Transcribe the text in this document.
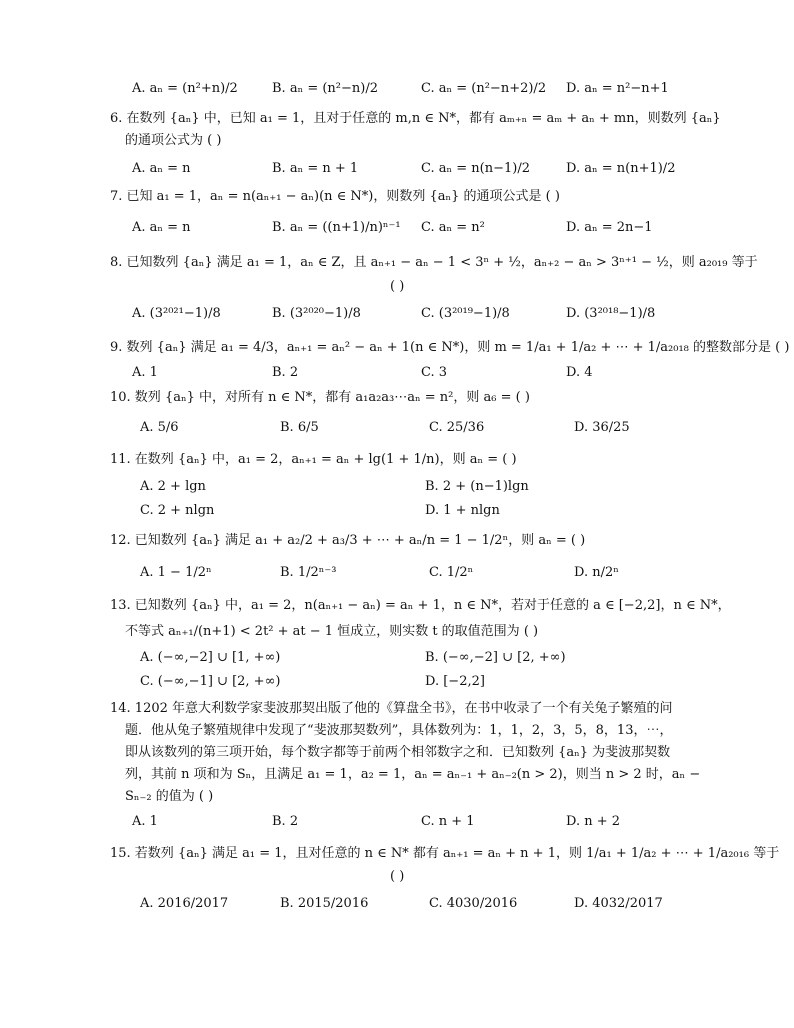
A. aₙ = (n²+n)/2	B. aₙ = (n²−n)/2	C. aₙ = (n²−n+2)/2 D. aₙ = n²−n+1
6. 在数列 {aₙ} 中，已知 a₁ = 1，且对于任意的 m,n ∈ N*，都有 aₘ₊ₙ = aₘ + aₙ + mn，则数列 {aₙ}
的通项公式为 ( )
A. aₙ = n	B. aₙ = n + 1	C. aₙ = n(n−1)/2	D. aₙ = n(n+1)/2
7. 已知 a₁ = 1，aₙ = n(aₙ₊₁ − aₙ)(n ∈ N*)，则数列 {aₙ} 的通项公式是 ( )
A. aₙ = n	B. aₙ = ((n+1)/n)ⁿ⁻¹ C. aₙ = n²	D. aₙ = 2n−1
8. 已知数列 {aₙ} 满足 a₁ = 1，aₙ ∈ Z，且 aₙ₊₁ − aₙ − 1 < 3ⁿ + ½，aₙ₊₂ − aₙ > 3ⁿ⁺¹ − ½，则 a₂₀₁₉ 等于
( )
A. (3²⁰²¹−1)/8	B. (3²⁰²⁰−1)/8	C. (3²⁰¹⁹−1)/8	D. (3²⁰¹⁸−1)/8
9. 数列 {aₙ} 满足 a₁ = 4/3，aₙ₊₁ = aₙ² − aₙ + 1(n ∈ N*)，则 m = 1/a₁ + 1/a₂ + ⋯ + 1/a₂₀₁₈ 的整数部分是 ( )
A. 1	B. 2	C. 3	D. 4
10. 数列 {aₙ} 中，对所有 n ∈ N*，都有 a₁a₂a₃⋯aₙ = n²，则 a₆ = ( )
A. 5/6	B. 6/5	C. 25/36	D. 36/25
11. 在数列 {aₙ} 中，a₁ = 2，aₙ₊₁ = aₙ + lg(1 + 1/n)，则 aₙ = ( )
A. 2 + lgn	B. 2 + (n−1)lgn
C. 2 + nlgn	D. 1 + nlgn
12. 已知数列 {aₙ} 满足 a₁ + a₂/2 + a₃/3 + ⋯ + aₙ/n = 1 − 1/2ⁿ，则 aₙ = ( )
A. 1 − 1/2ⁿ	B. 1/2ⁿ⁻³	C. 1/2ⁿ	D. n/2ⁿ
13. 已知数列 {aₙ} 中，a₁ = 2，n(aₙ₊₁ − aₙ) = aₙ + 1，n ∈ N*，若对于任意的 a ∈ [−2,2]，n ∈ N*，
不等式 aₙ₊₁/(n+1) < 2t² + at − 1 恒成立，则实数 t 的取值范围为 ( )
A. (−∞,−2] ∪ [1, +∞)	B. (−∞,−2] ∪ [2, +∞)
C. (−∞,−1] ∪ [2, +∞)	D. [−2,2]
14. 1202 年意大利数学家斐波那契出版了他的《算盘全书》，在书中收录了一个有关兔子繁殖的问
题．他从兔子繁殖规律中发现了“斐波那契数列”，具体数列为：1，1，2，3，5，8，13，⋯，
即从该数列的第三项开始，每个数字都等于前两个相邻数字之和．已知数列 {aₙ} 为斐波那契数
列，其前 n 项和为 Sₙ，且满足 a₁ = 1，a₂ = 1，aₙ = aₙ₋₁ + aₙ₋₂(n > 2)，则当 n > 2 时，aₙ −
Sₙ₋₂ 的值为 ( )
A. 1	B. 2	C. n + 1	D. n + 2
15. 若数列 {aₙ} 满足 a₁ = 1，且对任意的 n ∈ N* 都有 aₙ₊₁ = aₙ + n + 1，则 1/a₁ + 1/a₂ + ⋯ + 1/a₂₀₁₆ 等于
( )
A. 2016/2017	B. 2015/2016	C. 4030/2016	D. 4032/2017
